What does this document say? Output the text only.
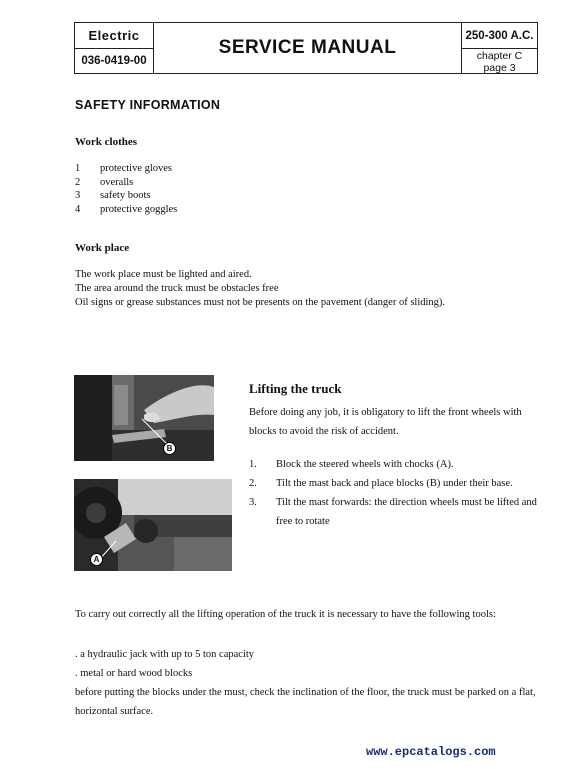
Electric
036-0419-00
SERVICE MANUAL
250-300 A.C.
chapter C
page 3
SAFETY INFORMATION
Work clothes
1	protective gloves
2	overalls
3	safety boots
4	protective goggles
Work place
The work place must be lighted and aired.
The area around the truck must be obstacles free
Oil signs or grease substances must not be presents on the pavement (danger of sliding).
B
A
Lifting the truck
Before doing any job, it is obligatory to lift the front wheels with blocks to avoid the risk of accident.
1.	Block the steered wheels with chocks (A).
2.	Tilt the mast back and place blocks (B) under their base.
3.	Tilt the mast forwards: the direction wheels must be lifted and free to rotate
To carry out correctly all the lifting operation of the truck it is necessary to have the following tools:
. a hydraulic jack with up to 5 ton capacity
. metal or hard wood blocks
before putting the blocks under the must, check the inclination of the floor, the truck must be parked on a flat,
horizontal surface.
www.epcatalogs.com
